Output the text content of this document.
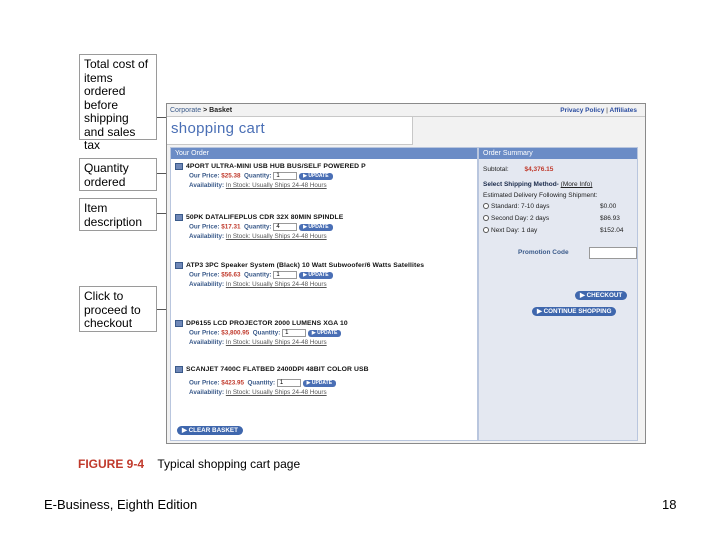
Total cost of items ordered before shipping and sales tax
Quantity ordered
Item description
Click to proceed to checkout
Corporate > Basket	Privacy Policy | Affiliates
shopping cart
Your Order
4PORT ULTRA-MINI USB HUB BUS/SELF POWERED P
Our Price: $25.38 Quantity: 1	▶ UPDATE
Availability: In Stock: Usually Ships 24-48 Hours
50PK DATALIFEPLUS CDR 32X 80MIN SPINDLE
Our Price: $17.31 Quantity: 4	▶ UPDATE
Availability: In Stock: Usually Ships 24-48 Hours
ATP3 3PC Speaker System (Black) 10 Watt Subwoofer/6 Watts Satellites
Our Price: $56.63 Quantity: 1	▶ UPDATE
Availability: In Stock: Usually Ships 24-48 Hours
DP6155 LCD PROJECTOR 2000 LUMENS XGA 10
Our Price: $3,800.95 Quantity: 1	▶ UPDATE
Availability: In Stock: Usually Ships 24-48 Hours
SCANJET 7400C FLATBED 2400DPI 48BIT COLOR USB
Our Price: $423.95 Quantity: 1	▶ UPDATE
Availability: In Stock: Usually Ships 24-48 Hours
▶ CLEAR BASKET
Order Summary
Subtotal: $4,376.15
Select Shipping Method- (More Info)
Estimated Delivery Following Shipment:
Standard: 7-10 days	$0.00
Second Day: 2 days	$86.93
Next Day: 1 day	$152.04
Promotion Code
▶ CHECKOUT
▶ CONTINUE SHOPPING
FIGURE 9-4 Typical shopping cart page
E-Business, Eighth Edition	18
